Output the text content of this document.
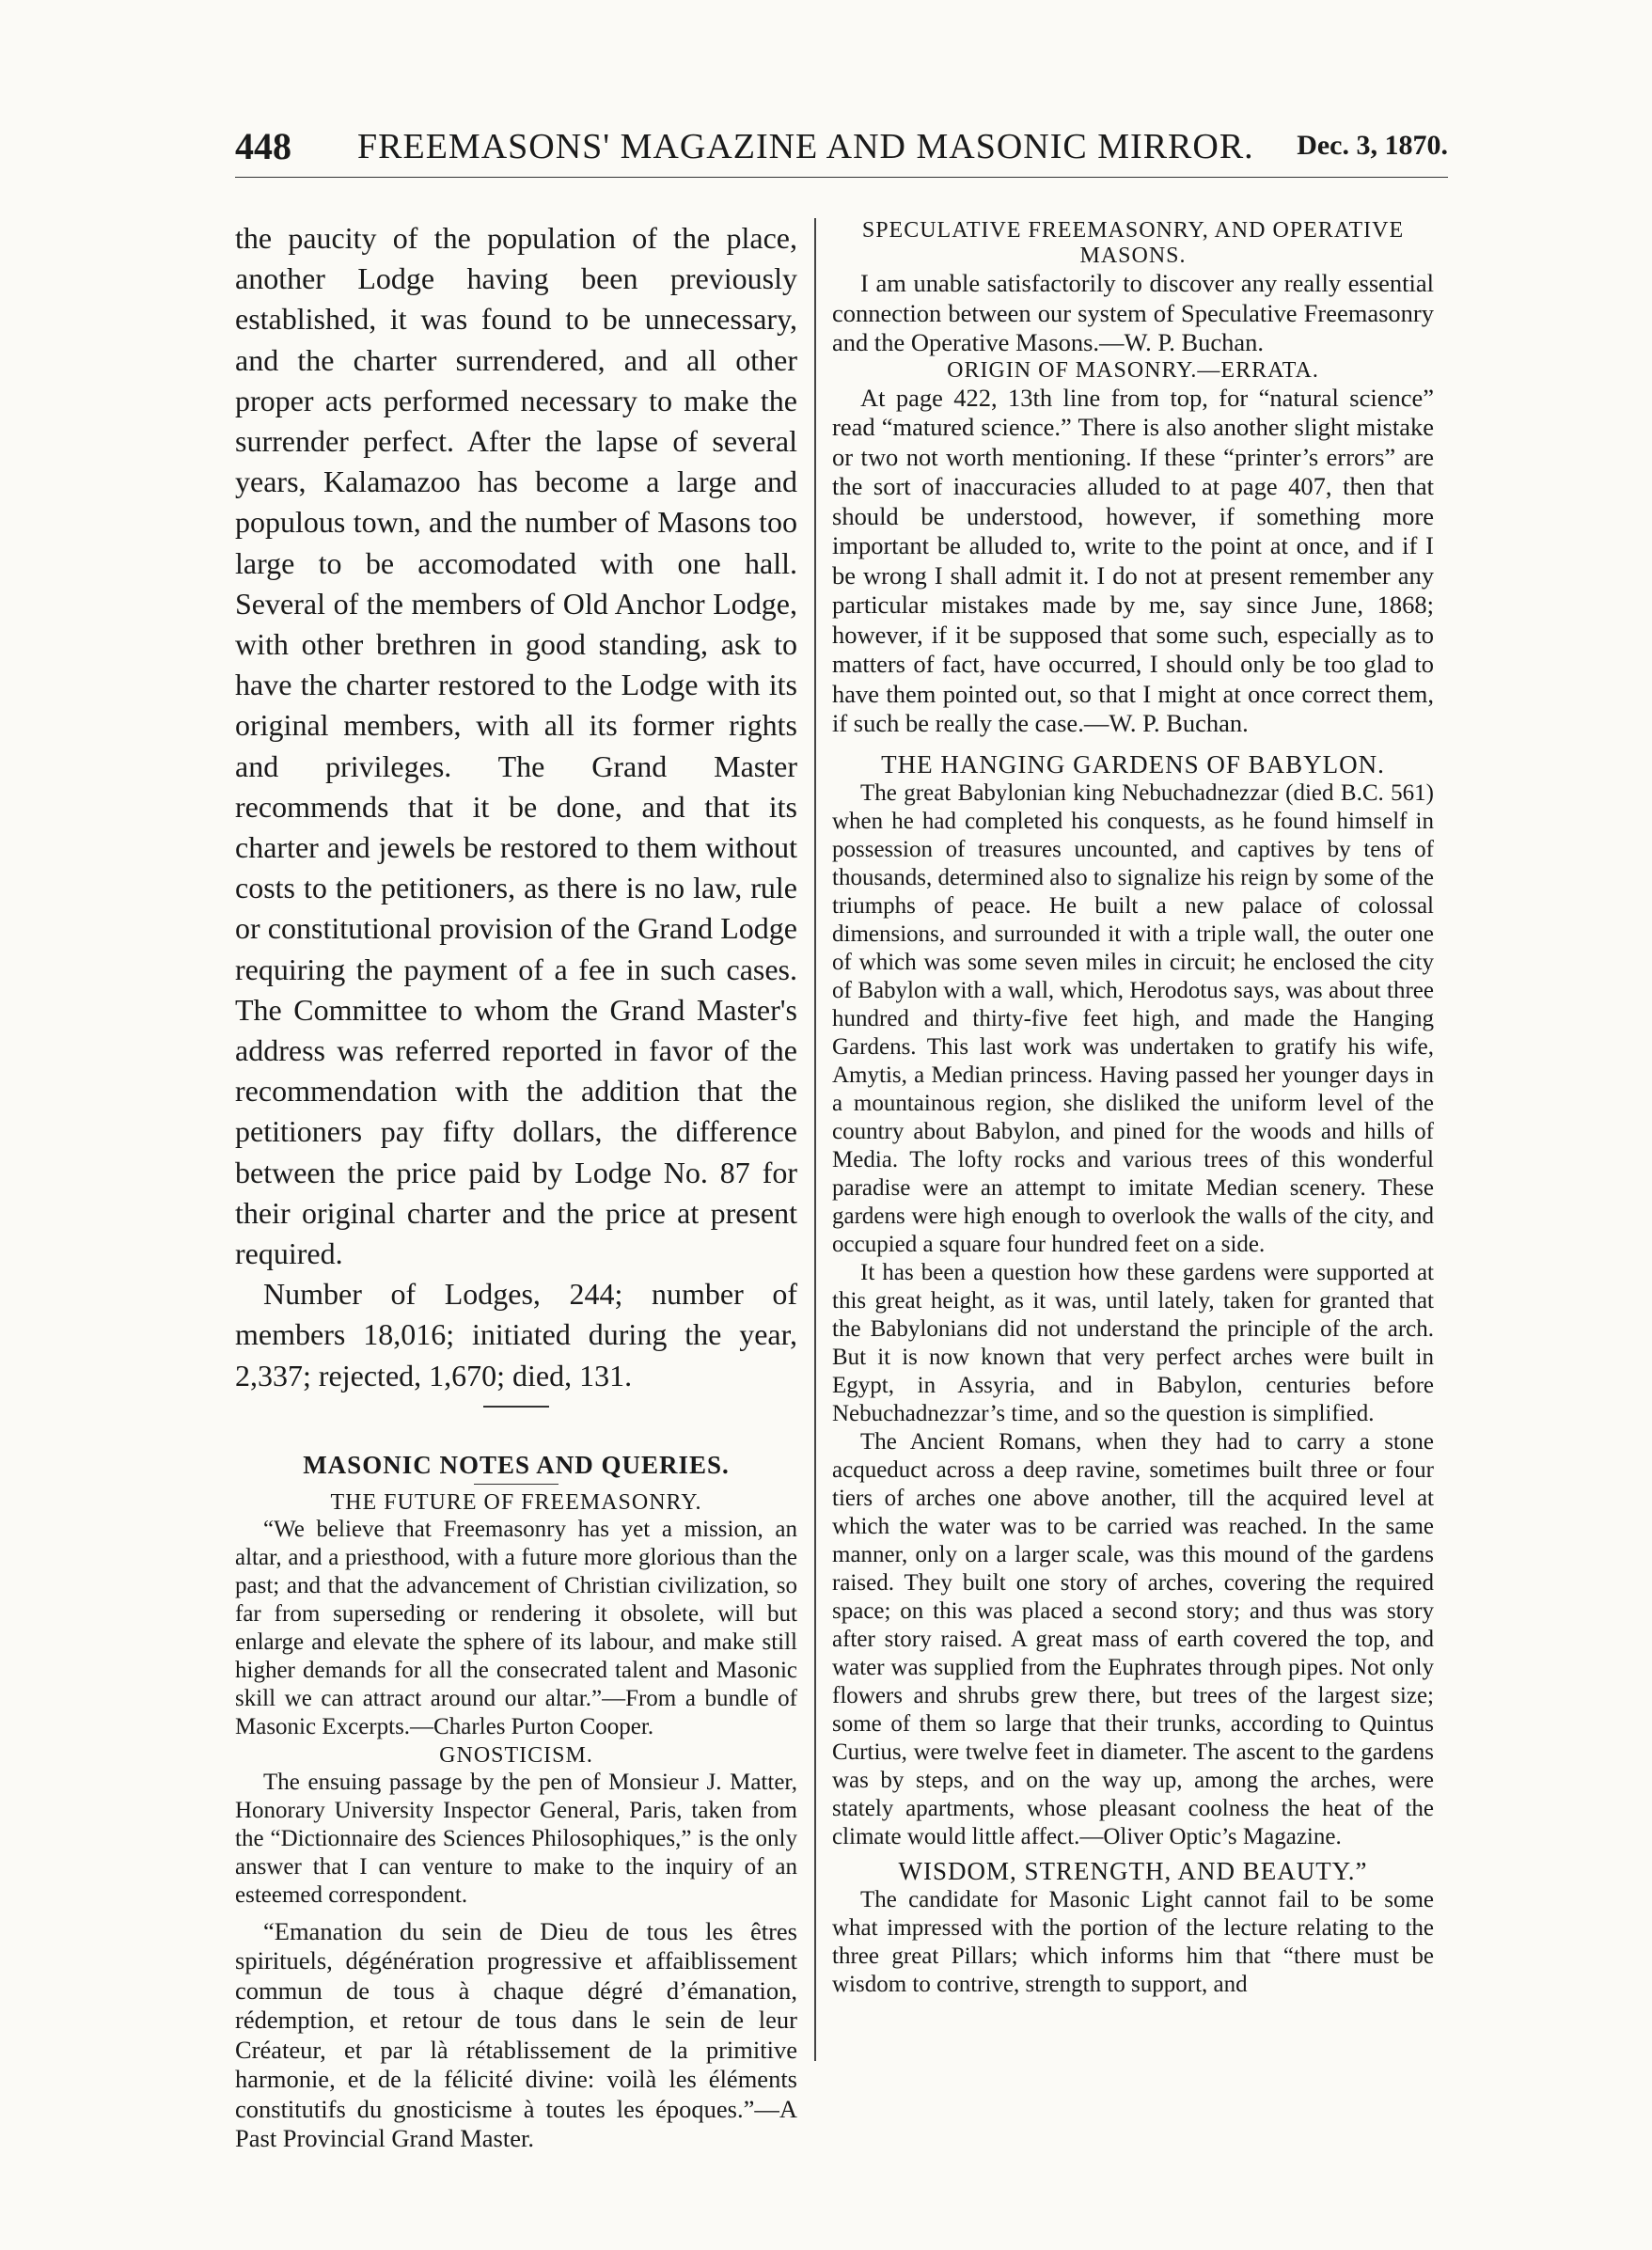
448 FREEMASONS' MAGAZINE AND MASONIC MIRROR. Dec. 3, 1870.

the paucity of the population of the place, another Lodge having been previously established, it was found to be unnecessary, and the charter surrendered, and all other proper acts performed necessary to make the surrender perfect. After the lapse of several years, Kalamazoo has become a large and populous town, and the number of Masons too large to be accomodated with one hall. Several of the members of Old Anchor Lodge, with other brethren in good standing, ask to have the charter restored to the Lodge with its original members, with all its former rights and privileges. The Grand Master recommends that it be done, and that its charter and jewels be restored to them without costs to the petitioners, as there is no law, rule or constitutional provision of the Grand Lodge requiring the payment of a fee in such cases. The Committee to whom the Grand Master's address was referred reported in favor of the recommendation with the addition that the petitioners pay fifty dollars, the difference between the price paid by Lodge No. 87 for their original charter and the price at present required.

Number of Lodges, 244; number of members 18,016; initiated during the year, 2,337; rejected, 1,670; died, 131.

MASONIC NOTES AND QUERIES.
THE FUTURE OF FREEMASONRY.

“We believe that Freemasonry has yet a mission, an altar, and a priesthood, with a future more glorious than the past; and that the advancement of Christian civilization, so far from superseding or rendering it obsolete, will but enlarge and elevate the sphere of its labour, and make still higher demands for all the consecrated talent and Masonic skill we can attract around our altar.”—From a bundle of Masonic Excerpts.—Charles Purton Cooper.

GNOSTICISM.

The ensuing passage by the pen of Monsieur J. Matter, Honorary University Inspector General, Paris, taken from the “Dictionnaire des Sciences Philosophiques,” is the only answer that I can venture to make to the inquiry of an esteemed correspondent.

“Emanation du sein de Dieu de tous les êtres spirituels, dégénération progressive et affaiblissement commun de tous à chaque dégré d’émanation, rédemption, et retour de tous dans le sein de leur Créateur, et par là rétablissement de la primitive harmonie, et de la félicité divine: voilà les éléments constitutifs du gnosticisme à toutes les époques.”—A Past Provincial Grand Master.

SPECULATIVE FREEMASONRY, AND OPERATIVE MASONS.

I am unable satisfactorily to discover any really essential connection between our system of Speculative Freemasonry and the Operative Masons.—W. P. Buchan.

ORIGIN OF MASONRY.—ERRATA.

At page 422, 13th line from top, for “natural science” read “matured science.” There is also another slight mistake or two not worth mentioning. If these “printer’s errors” are the sort of inaccuracies alluded to at page 407, then that should be understood, however, if something more important be alluded to, write to the point at once, and if I be wrong I shall admit it. I do not at present remember any particular mistakes made by me, say since June, 1868; however, if it be supposed that some such, especially as to matters of fact, have occurred, I should only be too glad to have them pointed out, so that I might at once correct them, if such be really the case.—W. P. Buchan.

THE HANGING GARDENS OF BABYLON.

The great Babylonian king Nebuchadnezzar (died B.C. 561) when he had completed his conquests, as he found himself in possession of treasures uncounted, and captives by tens of thousands, determined also to signalize his reign by some of the triumphs of peace. He built a new palace of colossal dimensions, and surrounded it with a triple wall, the outer one of which was some seven miles in circuit; he enclosed the city of Babylon with a wall, which, Herodotus says, was about three hundred and thirty-five feet high, and made the Hanging Gardens. This last work was undertaken to gratify his wife, Amytis, a Median princess. Having passed her younger days in a mountainous region, she disliked the uniform level of the country about Babylon, and pined for the woods and hills of Media. The lofty rocks and various trees of this wonderful paradise were an attempt to imitate Median scenery. These gardens were high enough to overlook the walls of the city, and occupied a square four hundred feet on a side.

It has been a question how these gardens were supported at this great height, as it was, until lately, taken for granted that the Babylonians did not understand the principle of the arch. But it is now known that very perfect arches were built in Egypt, in Assyria, and in Babylon, centuries before Nebuchadnezzar’s time, and so the question is simplified.

The Ancient Romans, when they had to carry a stone acqueduct across a deep ravine, sometimes built three or four tiers of arches one above another, till the acquired level at which the water was to be carried was reached. In the same manner, only on a larger scale, was this mound of the gardens raised. They built one story of arches, covering the required space; on this was placed a second story; and thus was story after story raised. A great mass of earth covered the top, and water was supplied from the Euphrates through pipes. Not only flowers and shrubs grew there, but trees of the largest size; some of them so large that their trunks, according to Quintus Curtius, were twelve feet in diameter. The ascent to the gardens was by steps, and on the way up, among the arches, were stately apartments, whose pleasant coolness the heat of the climate would little affect.—Oliver Optic’s Magazine.

WISDOM, STRENGTH, AND BEAUTY.”

The candidate for Masonic Light cannot fail to be some what impressed with the portion of the lecture relating to the three great Pillars; which informs him that “there must be wisdom to contrive, strength to support, and
